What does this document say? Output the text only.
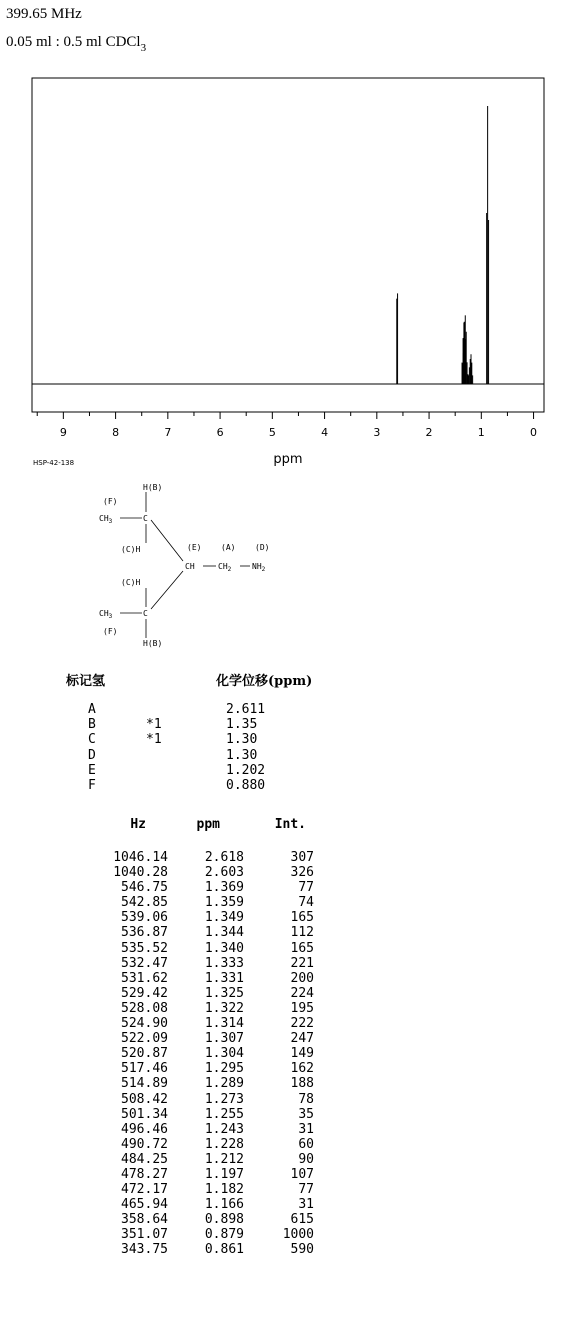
399.65 MHz
0.05 ml : 0.5 ml CDCl$_3$
9	8	7	6	5	4	3	2	1	0
ppm
HSP-42-138
H(B)
(F)
$CH_3$	C
(C)H	(E) (A) (D)
CH	$CH_2$	$NH_2$
(C)H
$CH_3$	C
(F)
H(B)
标记氢	化学位移(ppm)
A	2.611
B	*1	1.35
C	*1	1.30
D	1.30
E	1.202
F	0.880
Hz	ppm	Int.
1046.14	2.618	307
1040.28	2.603	326
546.75	1.369	77
542.85	1.359	74
539.06	1.349	165
536.87	1.344	112
535.52	1.340	165
532.47	1.333	221
531.62	1.331	200
529.42	1.325	224
528.08	1.322	195
524.90	1.314	222
522.09	1.307	247
520.87	1.304	149
517.46	1.295	162
514.89	1.289	188
508.42	1.273	78
501.34	1.255	35
496.46	1.243	31
490.72	1.228	60
484.25	1.212	90
478.27	1.197	107
472.17	1.182	77
465.94	1.166	31
358.64	0.898	615
351.07	0.879	1000
343.75	0.861	590
